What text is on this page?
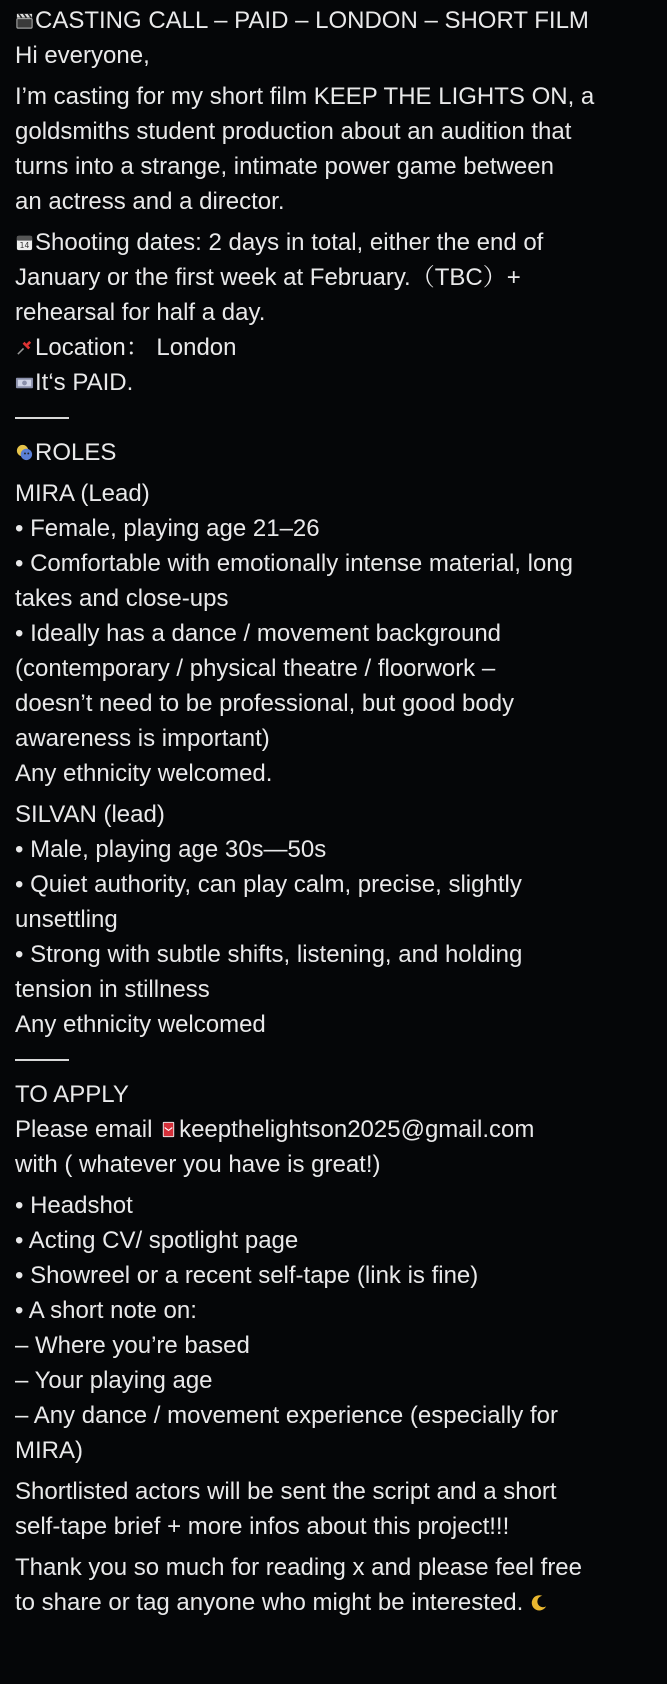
CASTING CALL – PAID – LONDON – SHORT FILM
Hi everyone,
I’m casting for my short film KEEP THE LIGHTS ON, a
goldsmiths student production about an audition that
turns into a strange, intimate power game between
an actress and a director.
14 Shooting dates: 2 days in total, either the end of
January or the first week at February.（TBC）+
rehearsal for half a day.
Location： London
It‘s PAID.
ROLES
MIRA (Lead)
• Female, playing age 21–26
• Comfortable with emotionally intense material, long
takes and close-ups
• Ideally has a dance / movement background
(contemporary / physical theatre / floorwork –
doesn’t need to be professional, but good body
awareness is important)
Any ethnicity welcomed.
SILVAN (lead)
• Male, playing age 30s—50s
• Quiet authority, can play calm, precise, slightly
unsettling
• Strong with subtle shifts, listening, and holding
tension in stillness
Any ethnicity welcomed
TO APPLY
Please email
keepthelightson2025@gmail.com
with ( whatever you have is great!)
• Headshot
• Acting CV/ spotlight page
• Showreel or a recent self-tape (link is fine)
• A short note on:
– Where you’re based
– Your playing age
– Any dance / movement experience (especially for
MIRA)
Shortlisted actors will be sent the script and a short
self-tape brief + more infos about this project!!!
Thank you so much for reading x and please feel free
to share or tag anyone who might be interested.
